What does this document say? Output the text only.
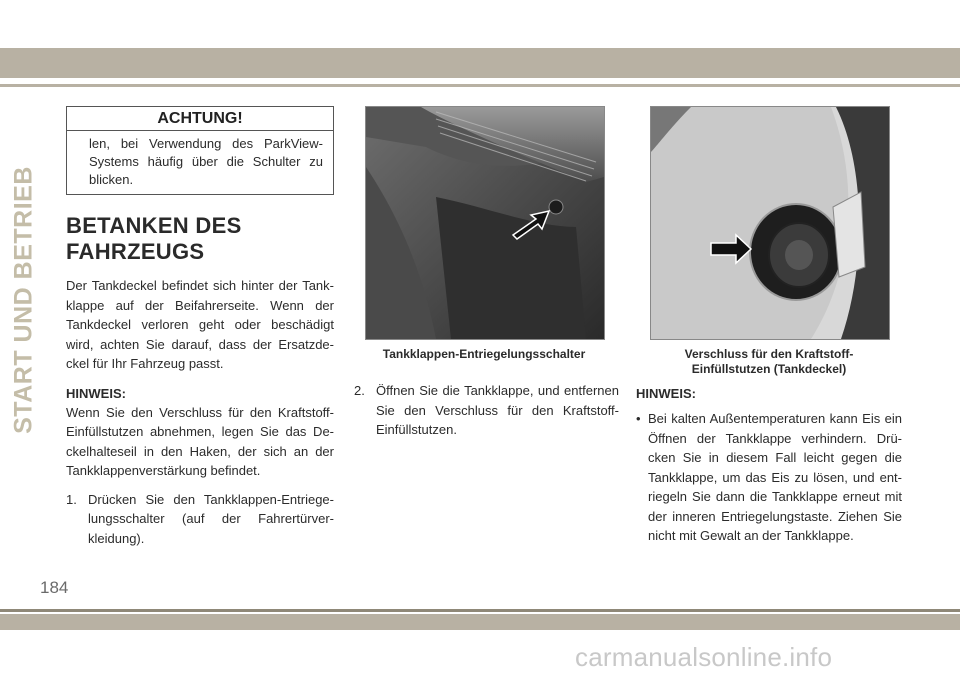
START UND BETRIEB
ACHTUNG!
len, bei Verwendung des ParkView-Systems häufig über die Schulter zu blicken.
BETANKEN DES
FAHRZEUGS

Der Tankdeckel befindet sich hinter der Tank-klappe auf der Beifahrerseite. Wenn der Tankdeckel verloren geht oder beschädigt wird, achten Sie darauf, dass der Ersatzde-ckel für Ihr Fahrzeug passt.

HINWEIS:

Wenn Sie den Verschluss für den Kraftstoff-Einfüllstutzen abnehmen, legen Sie das De-ckelhalteseil in den Haken, der sich an der Tankklappenverstärkung befindet.

1. Drücken Sie den Tankklappen-Entriege-lungsschalter (auf der Fahrertürver-kleidung).
Tankklappen-Entriegelungsschalter	Verschluss für den Kraftstoff-
Einfüllstutzen (Tankdeckel)
2. Öffnen Sie die Tankklappe, und entfernen Sie den Verschluss für den Kraftstoff-Einfüllstutzen.
HINWEIS:
• Bei kalten Außentemperaturen kann Eis ein Öffnen der Tankklappe verhindern. Drü-cken Sie in diesem Fall leicht gegen die Tankklappe, um das Eis zu lösen, und ent-riegeln Sie dann die Tankklappe erneut mit der inneren Entriegelungstaste. Ziehen Sie nicht mit Gewalt an der Tankklappe.
184
carmanualsonline.info
